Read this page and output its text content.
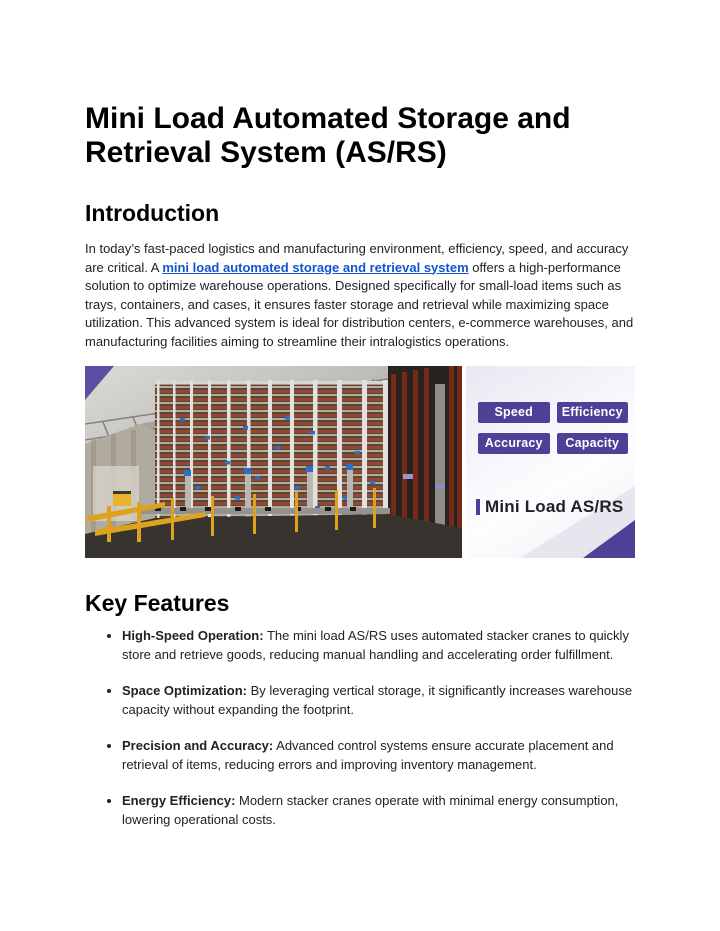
Mini Load Automated Storage and Retrieval System (AS/RS)
Introduction

In today’s fast-paced logistics and manufacturing environment, efficiency, speed, and accuracy are critical. A mini load automated storage and retrieval system offers a high-performance solution to optimize warehouse operations. Designed specifically for small-load items such as trays, containers, and cases, it ensures faster storage and retrieval while maximizing space utilization. This advanced system is ideal for distribution centers, e-commerce warehouses, and manufacturing facilities aiming to streamline their intralogistics operations.

Speed	Efficiency
Accuracy	Capacity
Mini Load AS/RS
Key Features
• High-Speed Operation: The mini load AS/RS uses automated stacker cranes to quickly store and retrieve goods, reducing manual handling and accelerating order fulfillment.
• Space Optimization: By leveraging vertical storage, it significantly increases warehouse capacity without expanding the footprint.
• Precision and Accuracy: Advanced control systems ensure accurate placement and retrieval of items, reducing errors and improving inventory management.
• Energy Efficiency: Modern stacker cranes operate with minimal energy consumption, lowering operational costs.
